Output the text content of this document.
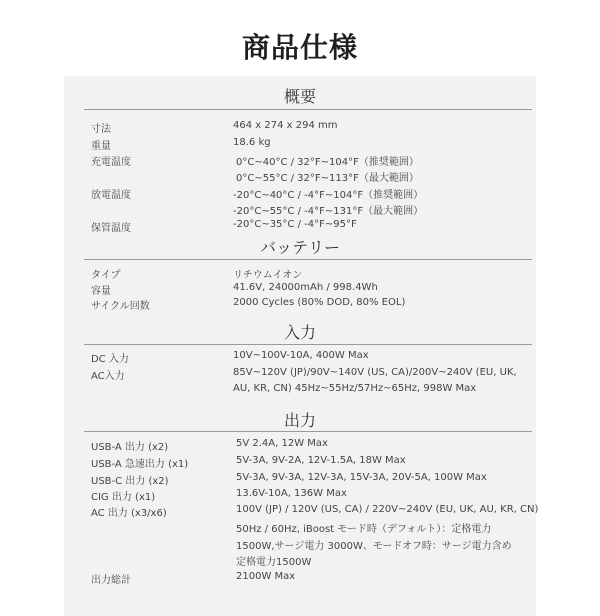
商品仕様
概要
寸法	464 x 274 x 294 mm
重量	18.6 kg
充電温度	0°C~40°C / 32°F~104°F（推奨範囲）
0°C~55°C / 32°F~113°F（最大範囲）
放電温度	-20°C~40°C / -4°F~104°F（推奨範囲）
-20°C~55°C / -4°F~131°F（最大範囲）
保管温度	-20°C~35°C / -4°F~95°F
バッテリー
タイプ	リチウムイオン
容量	41.6V, 24000mAh / 998.4Wh
サイクル回数	2000 Cycles (80% DOD, 80% EOL)
入力
DC 入力	10V~100V-10A, 400W Max
AC入力	85V~120V (JP)/90V~140V (US, CA)/200V~240V (EU, UK,
AU, KR, CN) 45Hz~55Hz/57Hz~65Hz, 998W Max
出力
USB-A 出力 (x2)	5V 2.4A, 12W Max
USB-A 急速出力 (x1)	5V-3A, 9V-2A, 12V-1.5A, 18W Max
USB-C 出力 (x2)	5V-3A, 9V-3A, 12V-3A, 15V-3A, 20V-5A, 100W Max
CIG 出力 (x1)	13.6V-10A, 136W Max
AC 出力 (x3/x6)	100V (JP) / 120V (US, CA) / 220V~240V (EU, UK, AU, KR, CN)
50Hz / 60Hz, iBoost モード時（デフォルト）：定格電力
1500W,サージ電力 3000W、モードオフ時：サージ電力含め
定格電力1500W
出力総計	2100W Max
